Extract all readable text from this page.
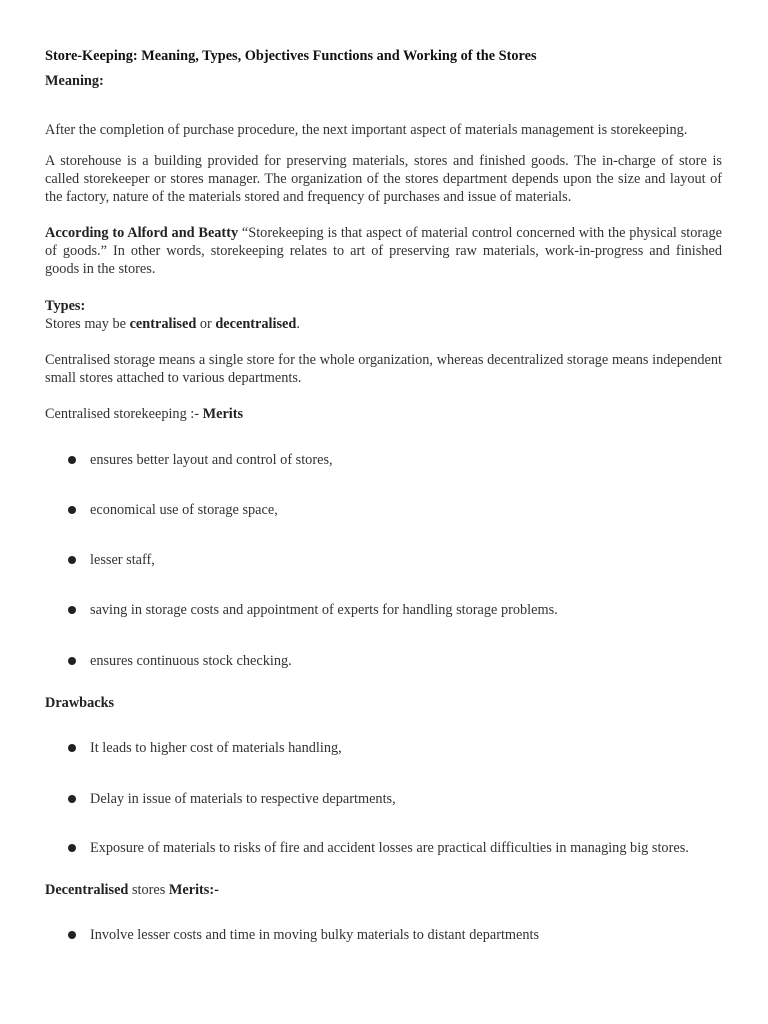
Store-Keeping: Meaning, Types, Objectives Functions and Working of the Stores

Meaning:

After the completion of purchase procedure, the next important aspect of materials management is storekeeping.

A storehouse is a building provided for preserving materials, stores and finished goods. The in-charge of store is called storekeeper or stores manager. The organization of the stores department depends upon the size and layout of the factory, nature of the materials stored and frequency of purchases and issue of materials.

According to Alford and Beatty “Storekeeping is that aspect of material control concerned with the physical storage of goods.” In other words, storekeeping relates to art of preserving raw materials, work-in-progress and finished goods in the stores.

Types:

Stores may be centralised or decentralised.

Centralised storage means a single store for the whole organization, whereas decentralized storage means independent small stores attached to various departments.

Centralised storekeeping :- Merits

ensures better layout and control of stores,
economical use of storage space,
lesser staff,
saving in storage costs and appointment of experts for handling storage problems.
ensures continuous stock checking.

Drawbacks

It leads to higher cost of materials handling,
Delay in issue of materials to respective departments,
Exposure of materials to risks of fire and accident losses are practical difficulties in managing big stores.

Decentralised stores Merits:-

Involve lesser costs and time in moving bulky materials to distant departments
